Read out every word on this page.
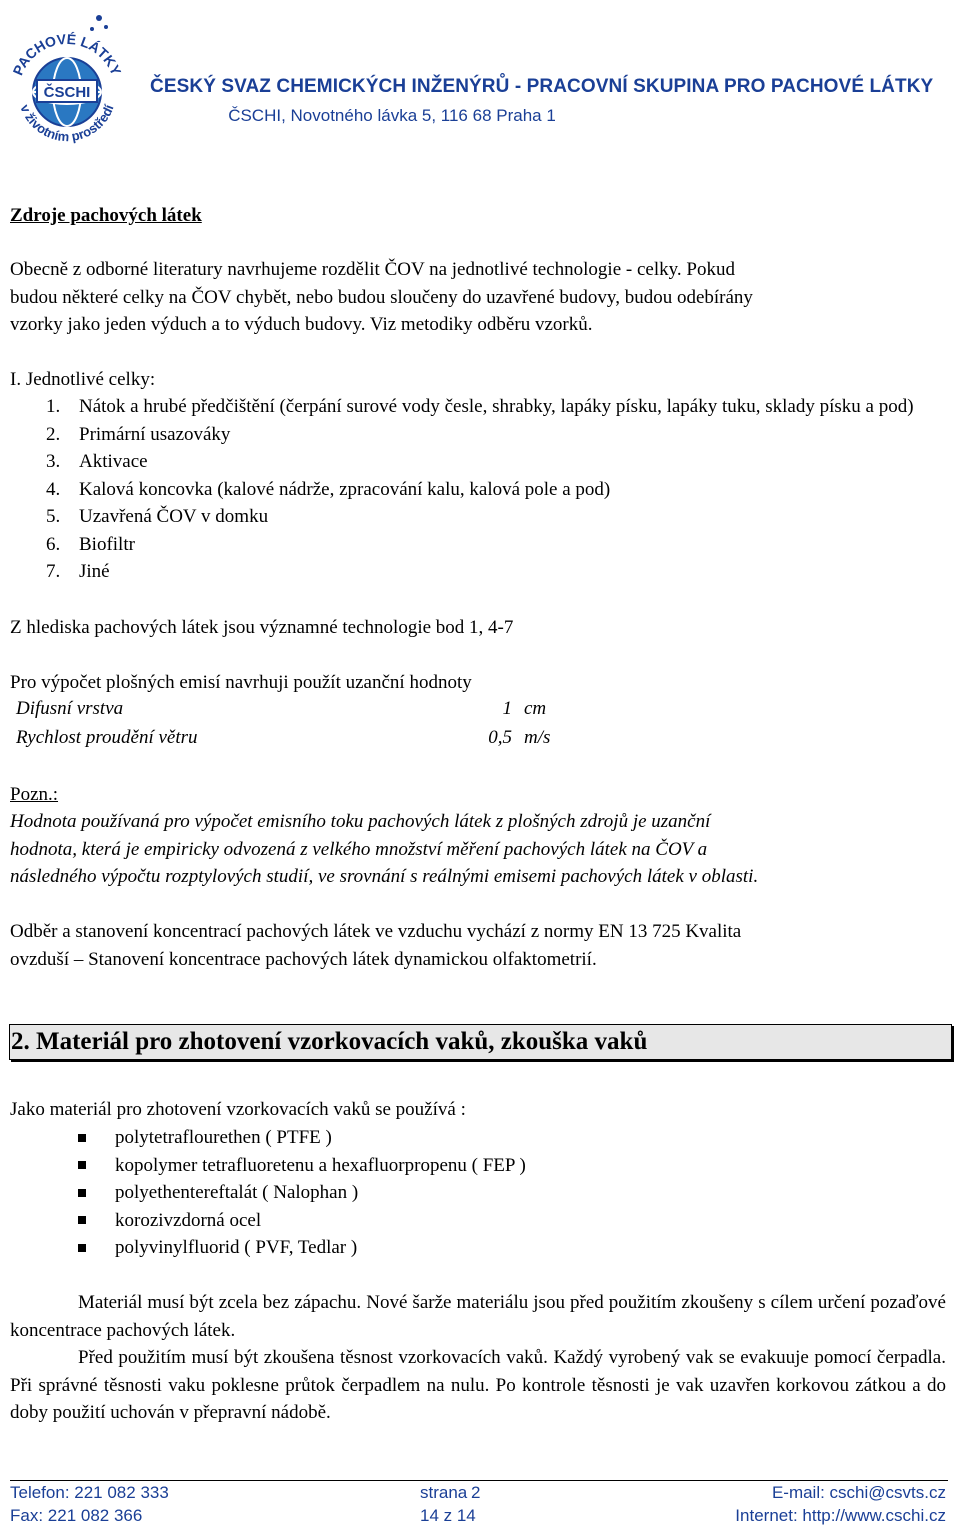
ČSCHI
PACHOVÉ LÁTKY
v životním prostředí
ČESKÝ SVAZ CHEMICKÝCH INŽENÝRŮ - PRACOVNÍ SKUPINA PRO PACHOVÉ LÁTKY
ČSCHI, Novotného lávka 5, 116 68 Praha 1
Zdroje pachových látek
Obecně z odborné literatury navrhujeme rozdělit ČOV na jednotlivé technologie - celky. Pokud
budou některé celky na ČOV chybět, nebo budou sloučeny do uzavřené budovy, budou odebírány
vzorky jako jeden výduch a to výduch budovy. Viz metodiky odběru vzorků.
I. Jednotlivé celky:
1. Nátok a hrubé předčištění (čerpání surové vody česle, shrabky, lapáky písku, lapáky tuku, sklady písku a pod)
2. Primární usazováky
3. Aktivace
4. Kalová koncovka (kalové nádrže, zpracování kalu, kalová pole a pod)
5. Uzavřená ČOV v domku
6. Biofiltr
7. Jiné
Z hlediska pachových látek jsou významné technologie bod 1, 4-7
Pro výpočet plošných emisí navrhuji použít uzanční hodnoty
Difusní vrstva	1 cm
Rychlost proudění větru	0,5 m/s
Pozn.:
Hodnota používaná pro výpočet emisního toku pachových látek z plošných zdrojů je uzanční
hodnota, která je empiricky odvozená z velkého množství měření pachových látek na ČOV a
následného výpočtu rozptylových studií, ve srovnání s reálnými emisemi pachových látek v oblasti.
Odběr a stanovení koncentrací pachových látek ve vzduchu vychází z normy EN 13 725 Kvalita
ovzduší – Stanovení koncentrace pachových látek dynamickou olfaktometrií.
2. Materiál pro zhotovení vzorkovacích vaků, zkouška vaků
Jako materiál pro zhotovení vzorkovacích vaků se používá :
polytetraflourethen ( PTFE )
kopolymer tetrafluoretenu a hexafluorpropenu ( FEP )
polyethentereftalát ( Nalophan )
korozivzdorná ocel
polyvinylfluorid ( PVF, Tedlar )
Materiál musí být zcela bez zápachu. Nové šarže materiálu jsou před použitím zkoušeny s cílem určení pozaďové koncentrace pachových látek.
Před použitím musí být zkoušena těsnost vzorkovacích vaků. Každý vyrobený vak se evakuuje pomocí čerpadla. Při správné těsnosti vaku poklesne průtok čerpadlem na nulu. Po kontrole těsnosti je vak uzavřen korkovou zátkou a do doby použití uchován v přepravní nádobě.
Telefon: 221 082 333
Fax: 221 082 366
strana 2
14 z 14
E-mail: cschi@csvts.cz
Internet: http://www.cschi.cz
